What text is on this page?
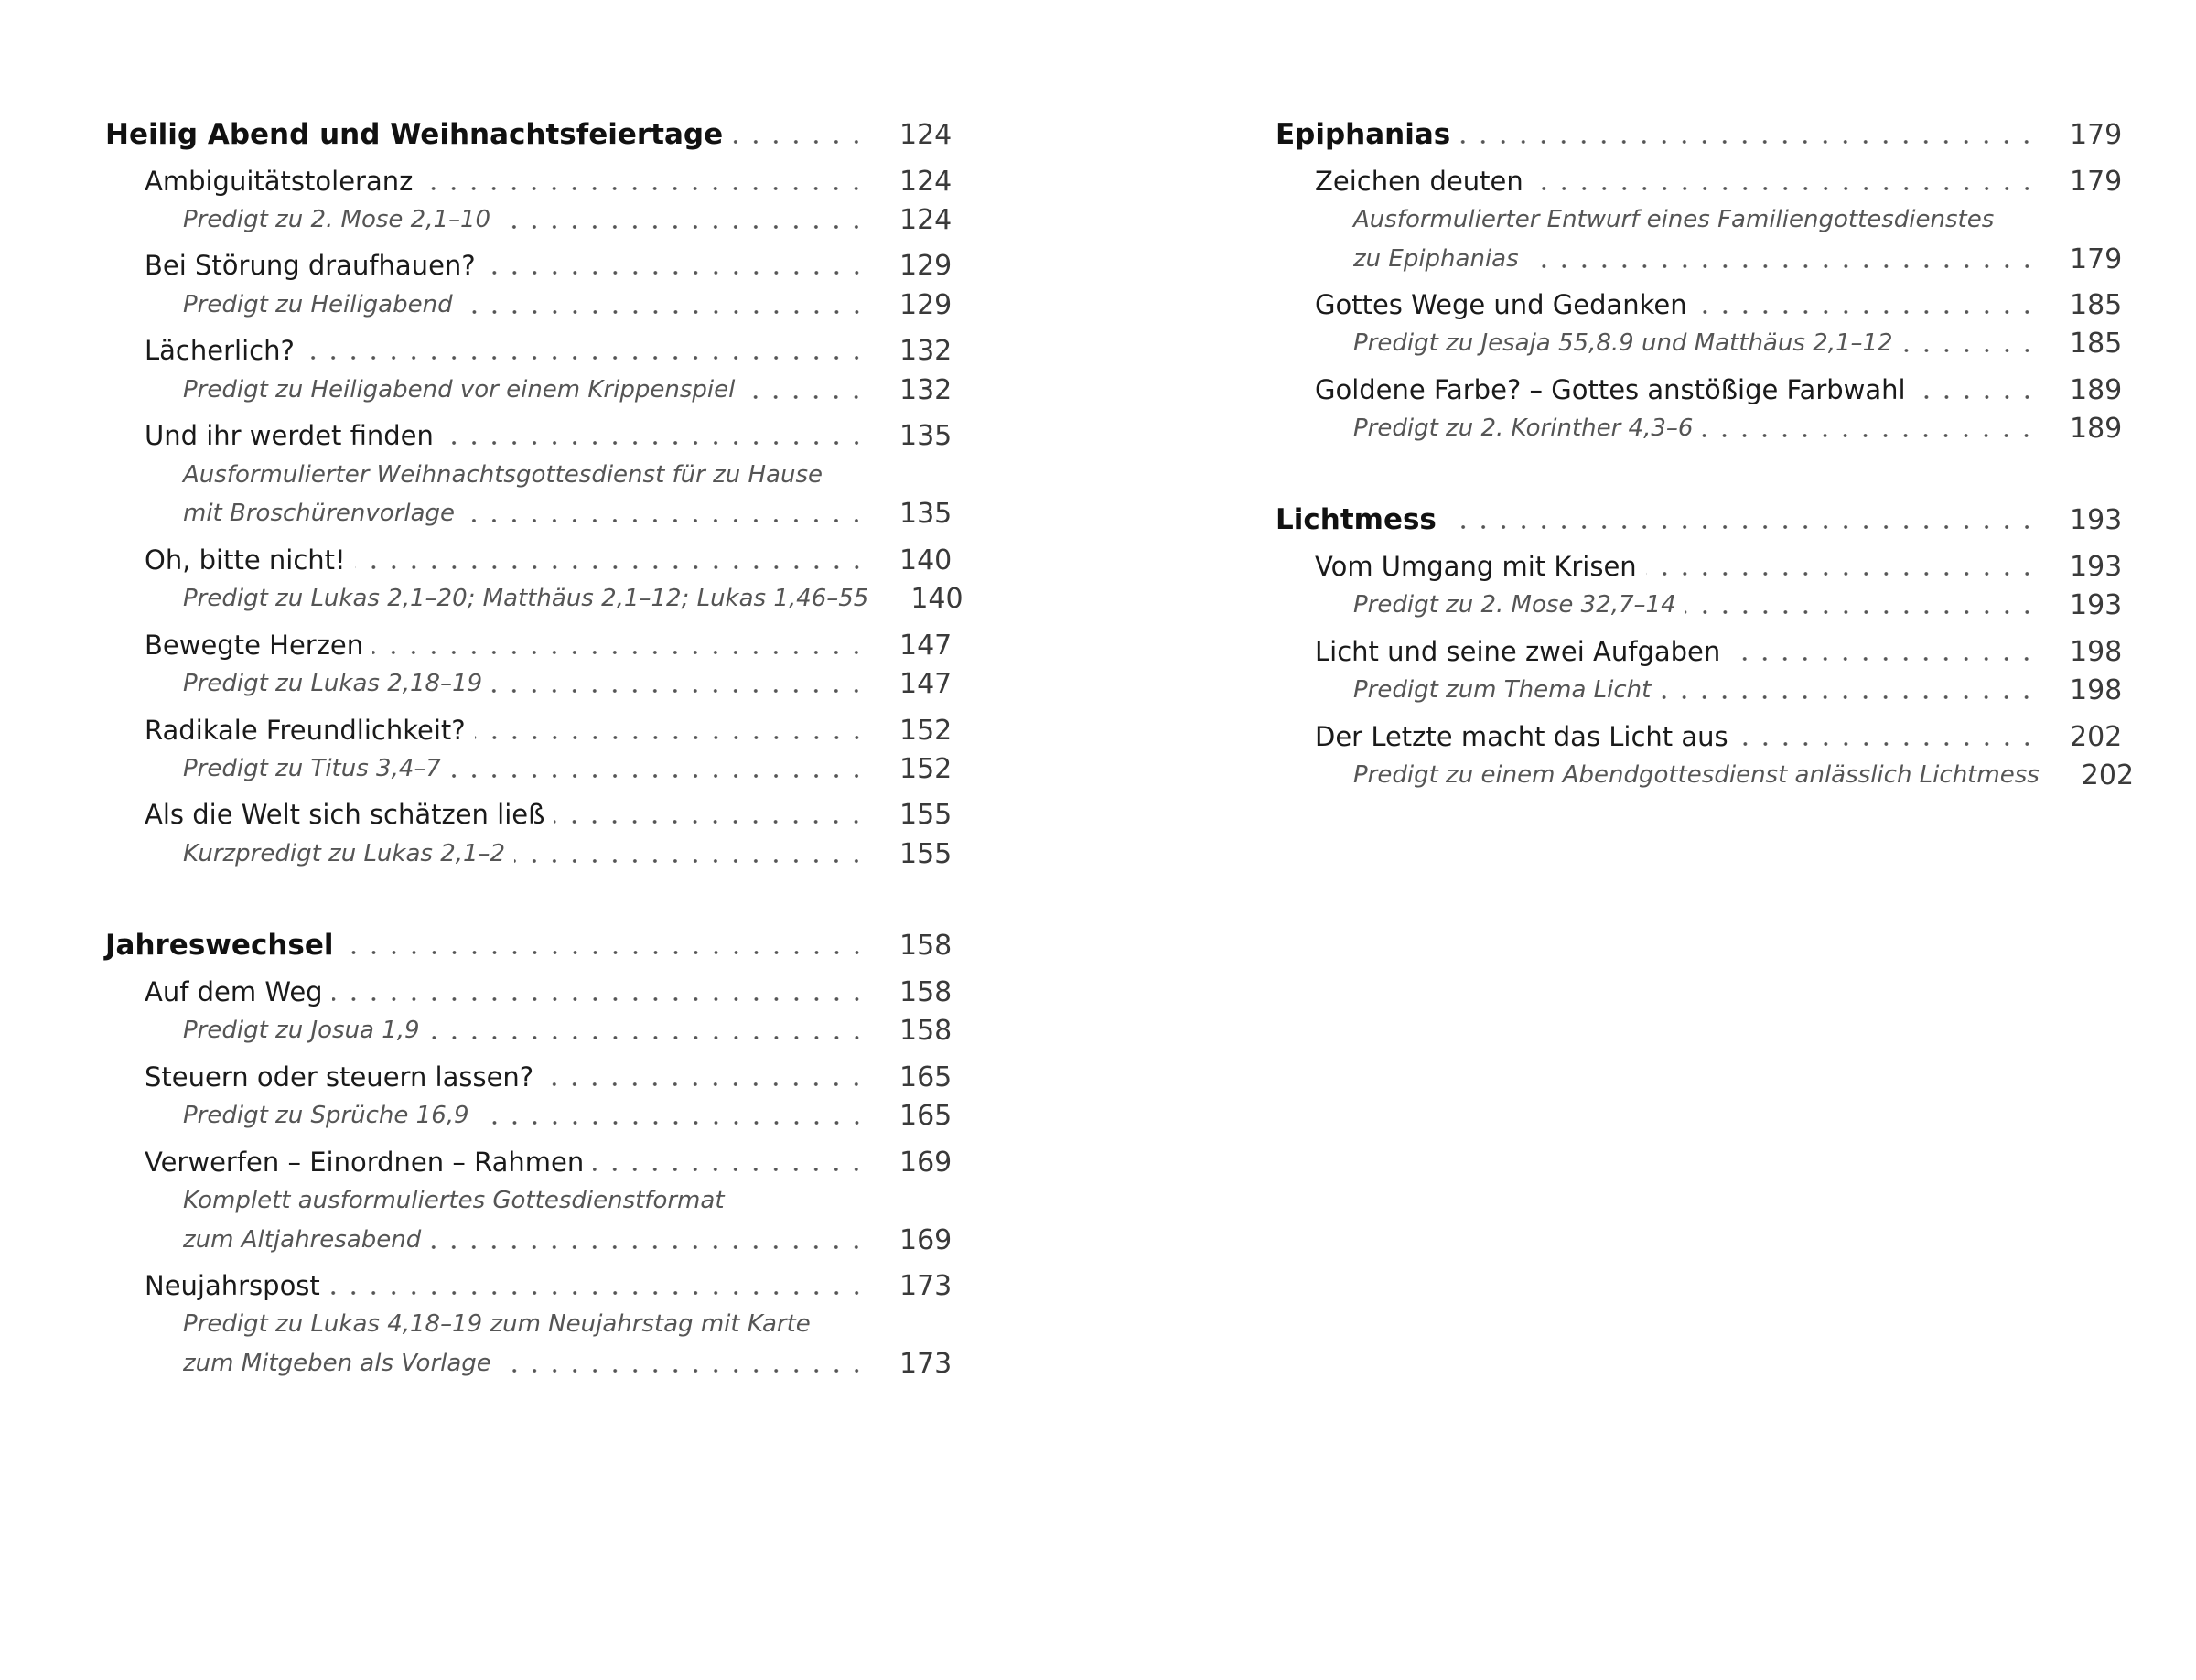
Heilig Abend und Weihnachtsfeiertage	124
Ambiguitätstoleranz	124
Predigt zu 2. Mose 2,1–10	124
Bei Störung draufhauen?	129
Predigt zu Heiligabend	129
Lächerlich?	132
Predigt zu Heiligabend vor einem Krippenspiel	132
Und ihr werdet finden	135
Ausformulierter Weihnachtsgottesdienst für zu Hause
mit Broschürenvorlage	135
Oh, bitte nicht!	140
Predigt zu Lukas 2,1–20; Matthäus 2,1–12; Lukas 1,46–55	140
Bewegte Herzen	147
Predigt zu Lukas 2,18–19	147
Radikale Freundlichkeit?	152
Predigt zu Titus 3,4–7	152
Als die Welt sich schätzen ließ	155
Kurzpredigt zu Lukas 2,1–2	155
Jahreswechsel	158
Auf dem Weg	158
Predigt zu Josua 1,9	158
Steuern oder steuern lassen?	165
Predigt zu Sprüche 16,9	165
Verwerfen – Einordnen – Rahmen	169
Komplett ausformuliertes Gottesdienstformat
zum Altjahresabend	169
Neujahrspost	173
Predigt zu Lukas 4,18–19 zum Neujahrstag mit Karte
zum Mitgeben als Vorlage	173
Epiphanias	179
Zeichen deuten	179
Ausformulierter Entwurf eines Familiengottesdienstes
zu Epiphanias	179
Gottes Wege und Gedanken	185
Predigt zu Jesaja 55,8.9 und Matthäus 2,1–12	185
Goldene Farbe? – Gottes anstößige Farbwahl	189
Predigt zu 2. Korinther 4,3–6	189
Lichtmess	193
Vom Umgang mit Krisen	193
Predigt zu 2. Mose 32,7–14	193
Licht und seine zwei Aufgaben	198
Predigt zum Thema Licht	198
Der Letzte macht das Licht aus	202
Predigt zu einem Abendgottesdienst anlässlich Lichtmess	202
